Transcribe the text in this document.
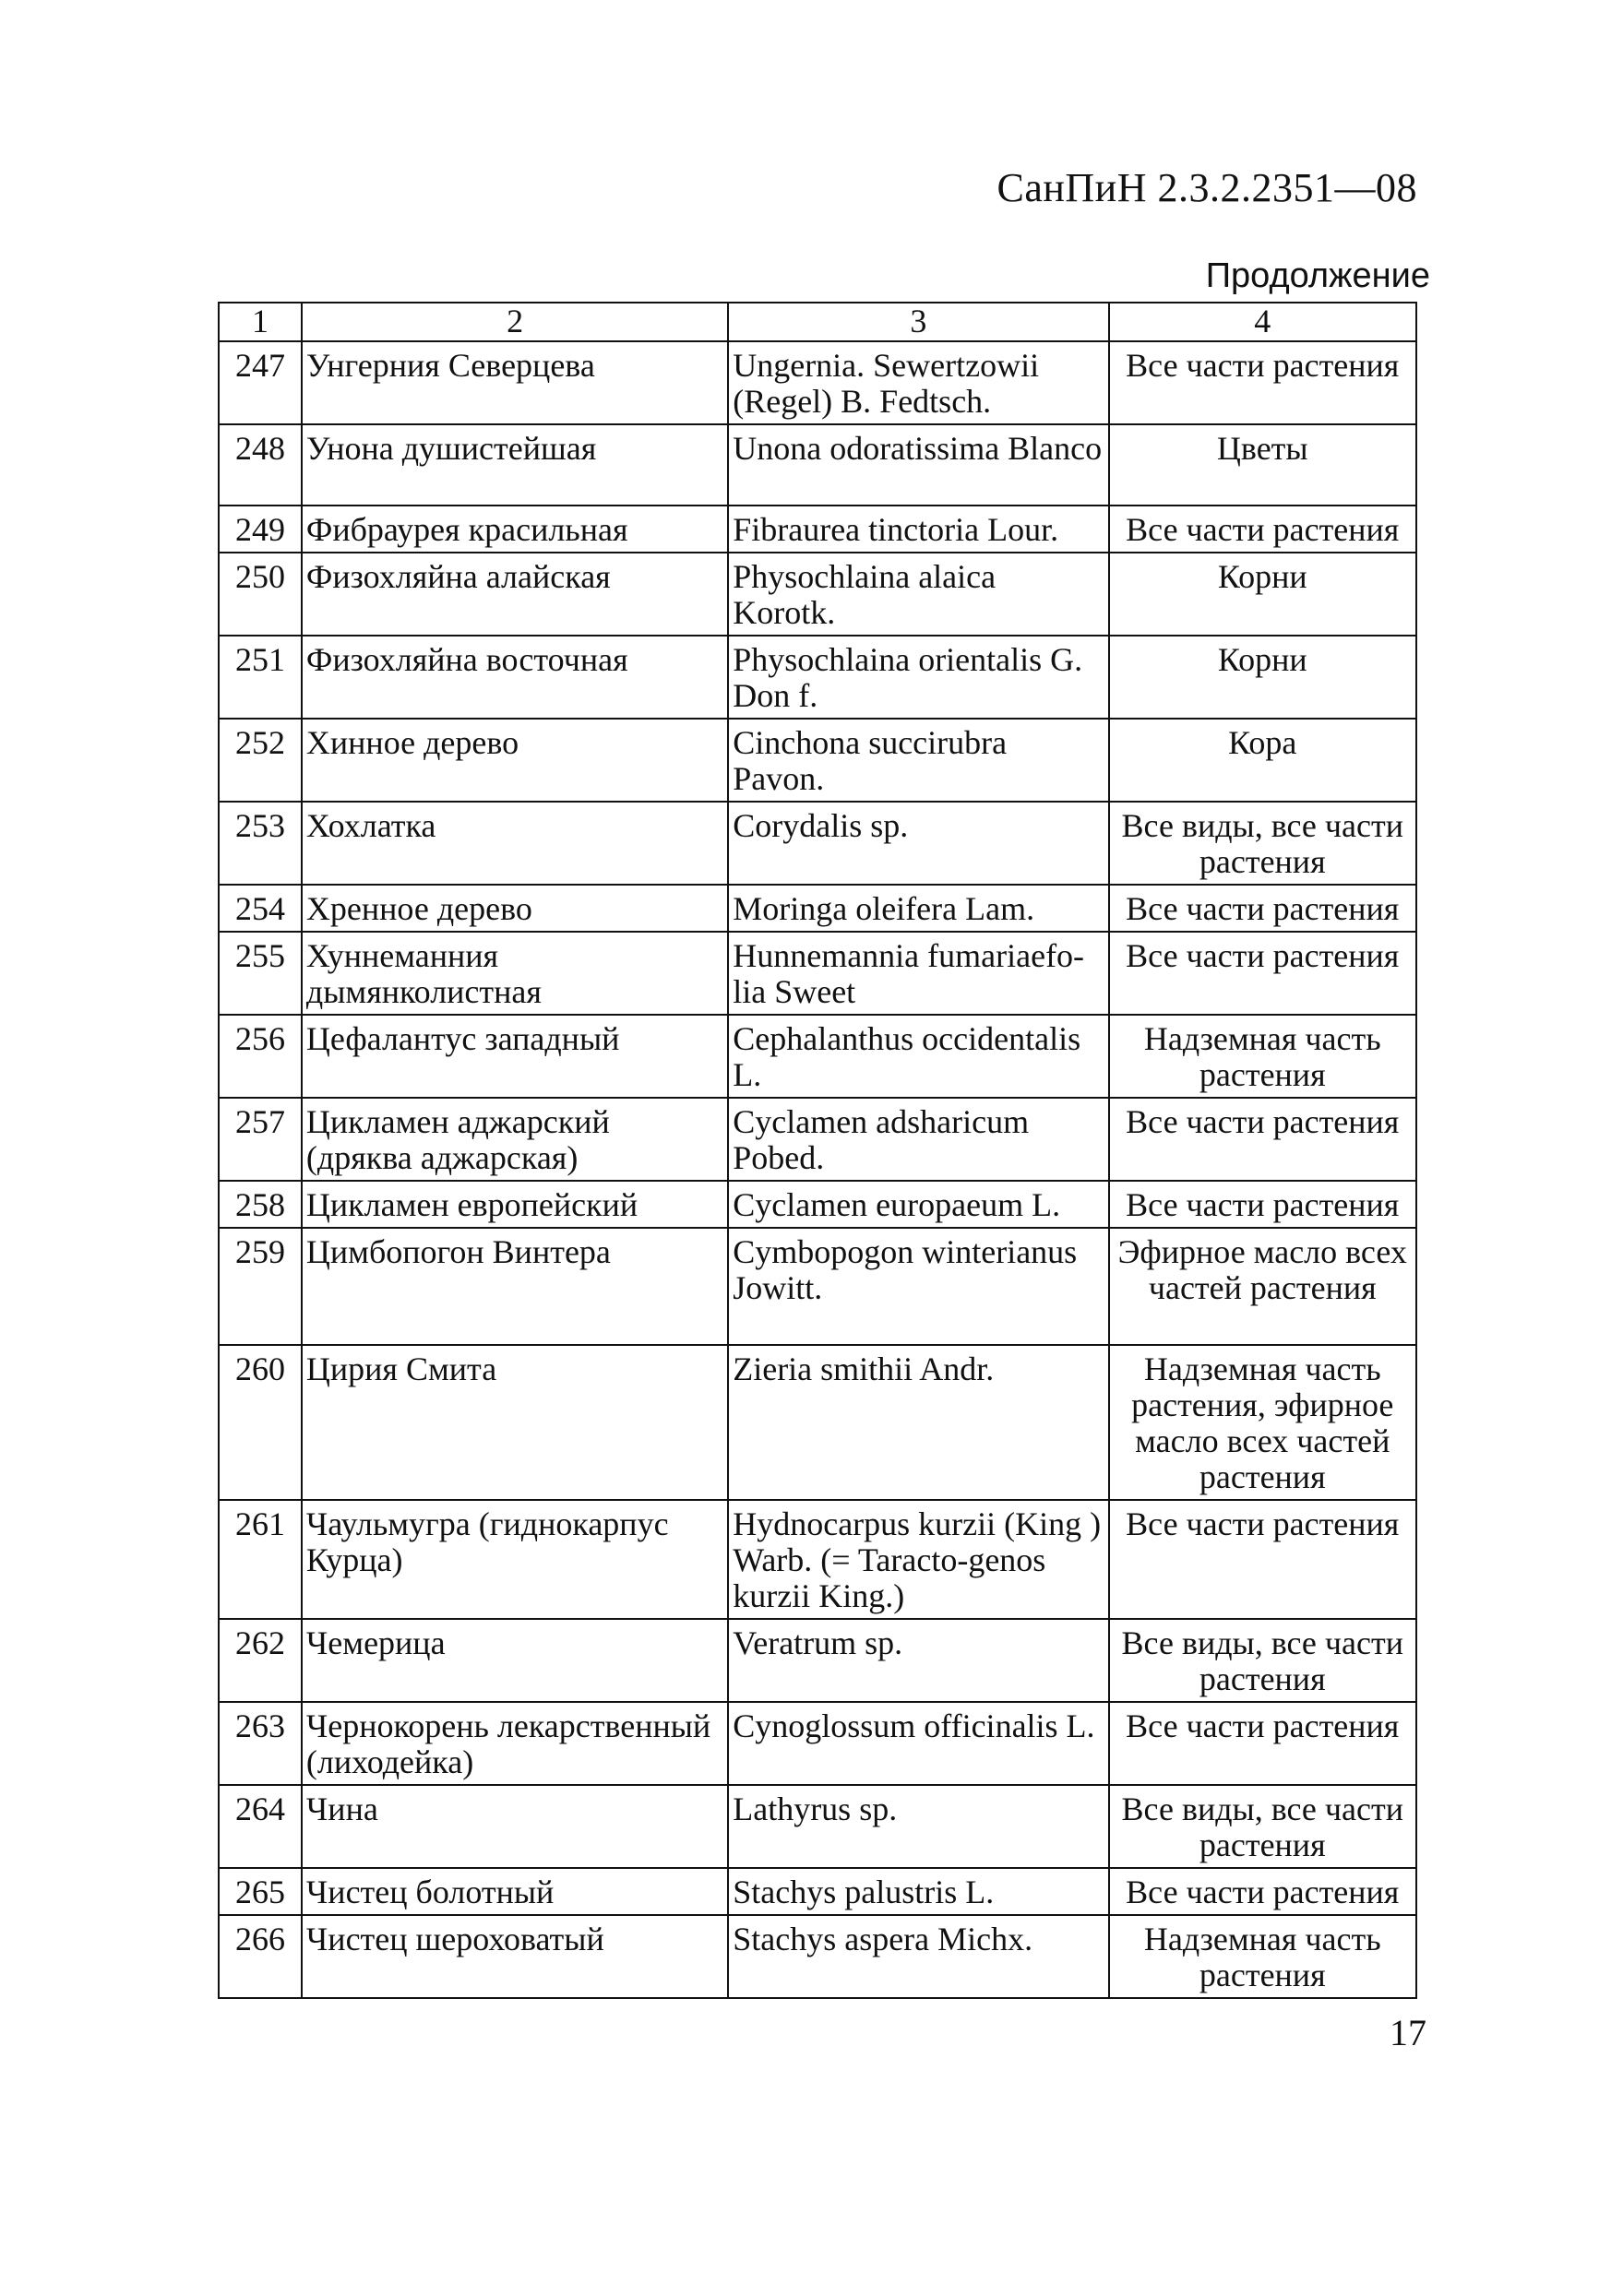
СанПиН 2.3.2.2351—08
Продолжение
1	2	3	4
247	Унгерния Северцева	Ungernia. Sewertzowii (Regel) B. Fedtsch.	Все части растения
248	Унона душистейшая	Unona odoratissima Blanco	Цветы
249	Фибраурея красильная	Fibraurea tinctoria Lour.	Все части растения
250	Физохляйна алайская	Physochlaina alaica Korotk.	Корни
251	Физохляйна восточная	Physochlaina orientalis G. Don f.	Корни
252	Хинное дерево	Cinchona succirubra Pavon.	Кора
253	Хохлатка	Corydalis sp.	Все виды, все части растения
254	Хренное дерево	Moringa oleifera Lam.	Все части растения
255	Хуннеманния дымянколистная	Hunnemannia fumariaefo-lia Sweet	Все части растения
256	Цефалантус западный	Cephalanthus occidentalis L.	Надземная часть растения
257	Цикламен аджарский (дряква аджарская)	Cyclamen adsharicum Pobed.	Все части растения
258	Цикламен европейский	Cyclamen europaeum L.	Все части растения
259	Цимбопогон Винтера	Cymbopogon winterianus Jowitt.	Эфирное масло всех частей растения
260	Цирия Смита	Zieria smithii Andr.	Надземная часть растения, эфирное масло всех частей растения
261	Чаульмугра (гиднокарпус Курца)	Hydnocarpus kurzii (King ) Warb. (= Taracto-genos kurzii King.)	Все части растения
262	Чемерица	Veratrum sp.	Все виды, все части растения
263	Чернокорень лекарственный (лиходейка)	Cynoglossum officinalis L.	Все части растения
264	Чина	Lathyrus sp.	Все виды, все части растения
265	Чистец болотный	Stachys palustris L.	Все части растения
266	Чистец шероховатый	Stachys aspera Michx.	Надземная часть растения
17
